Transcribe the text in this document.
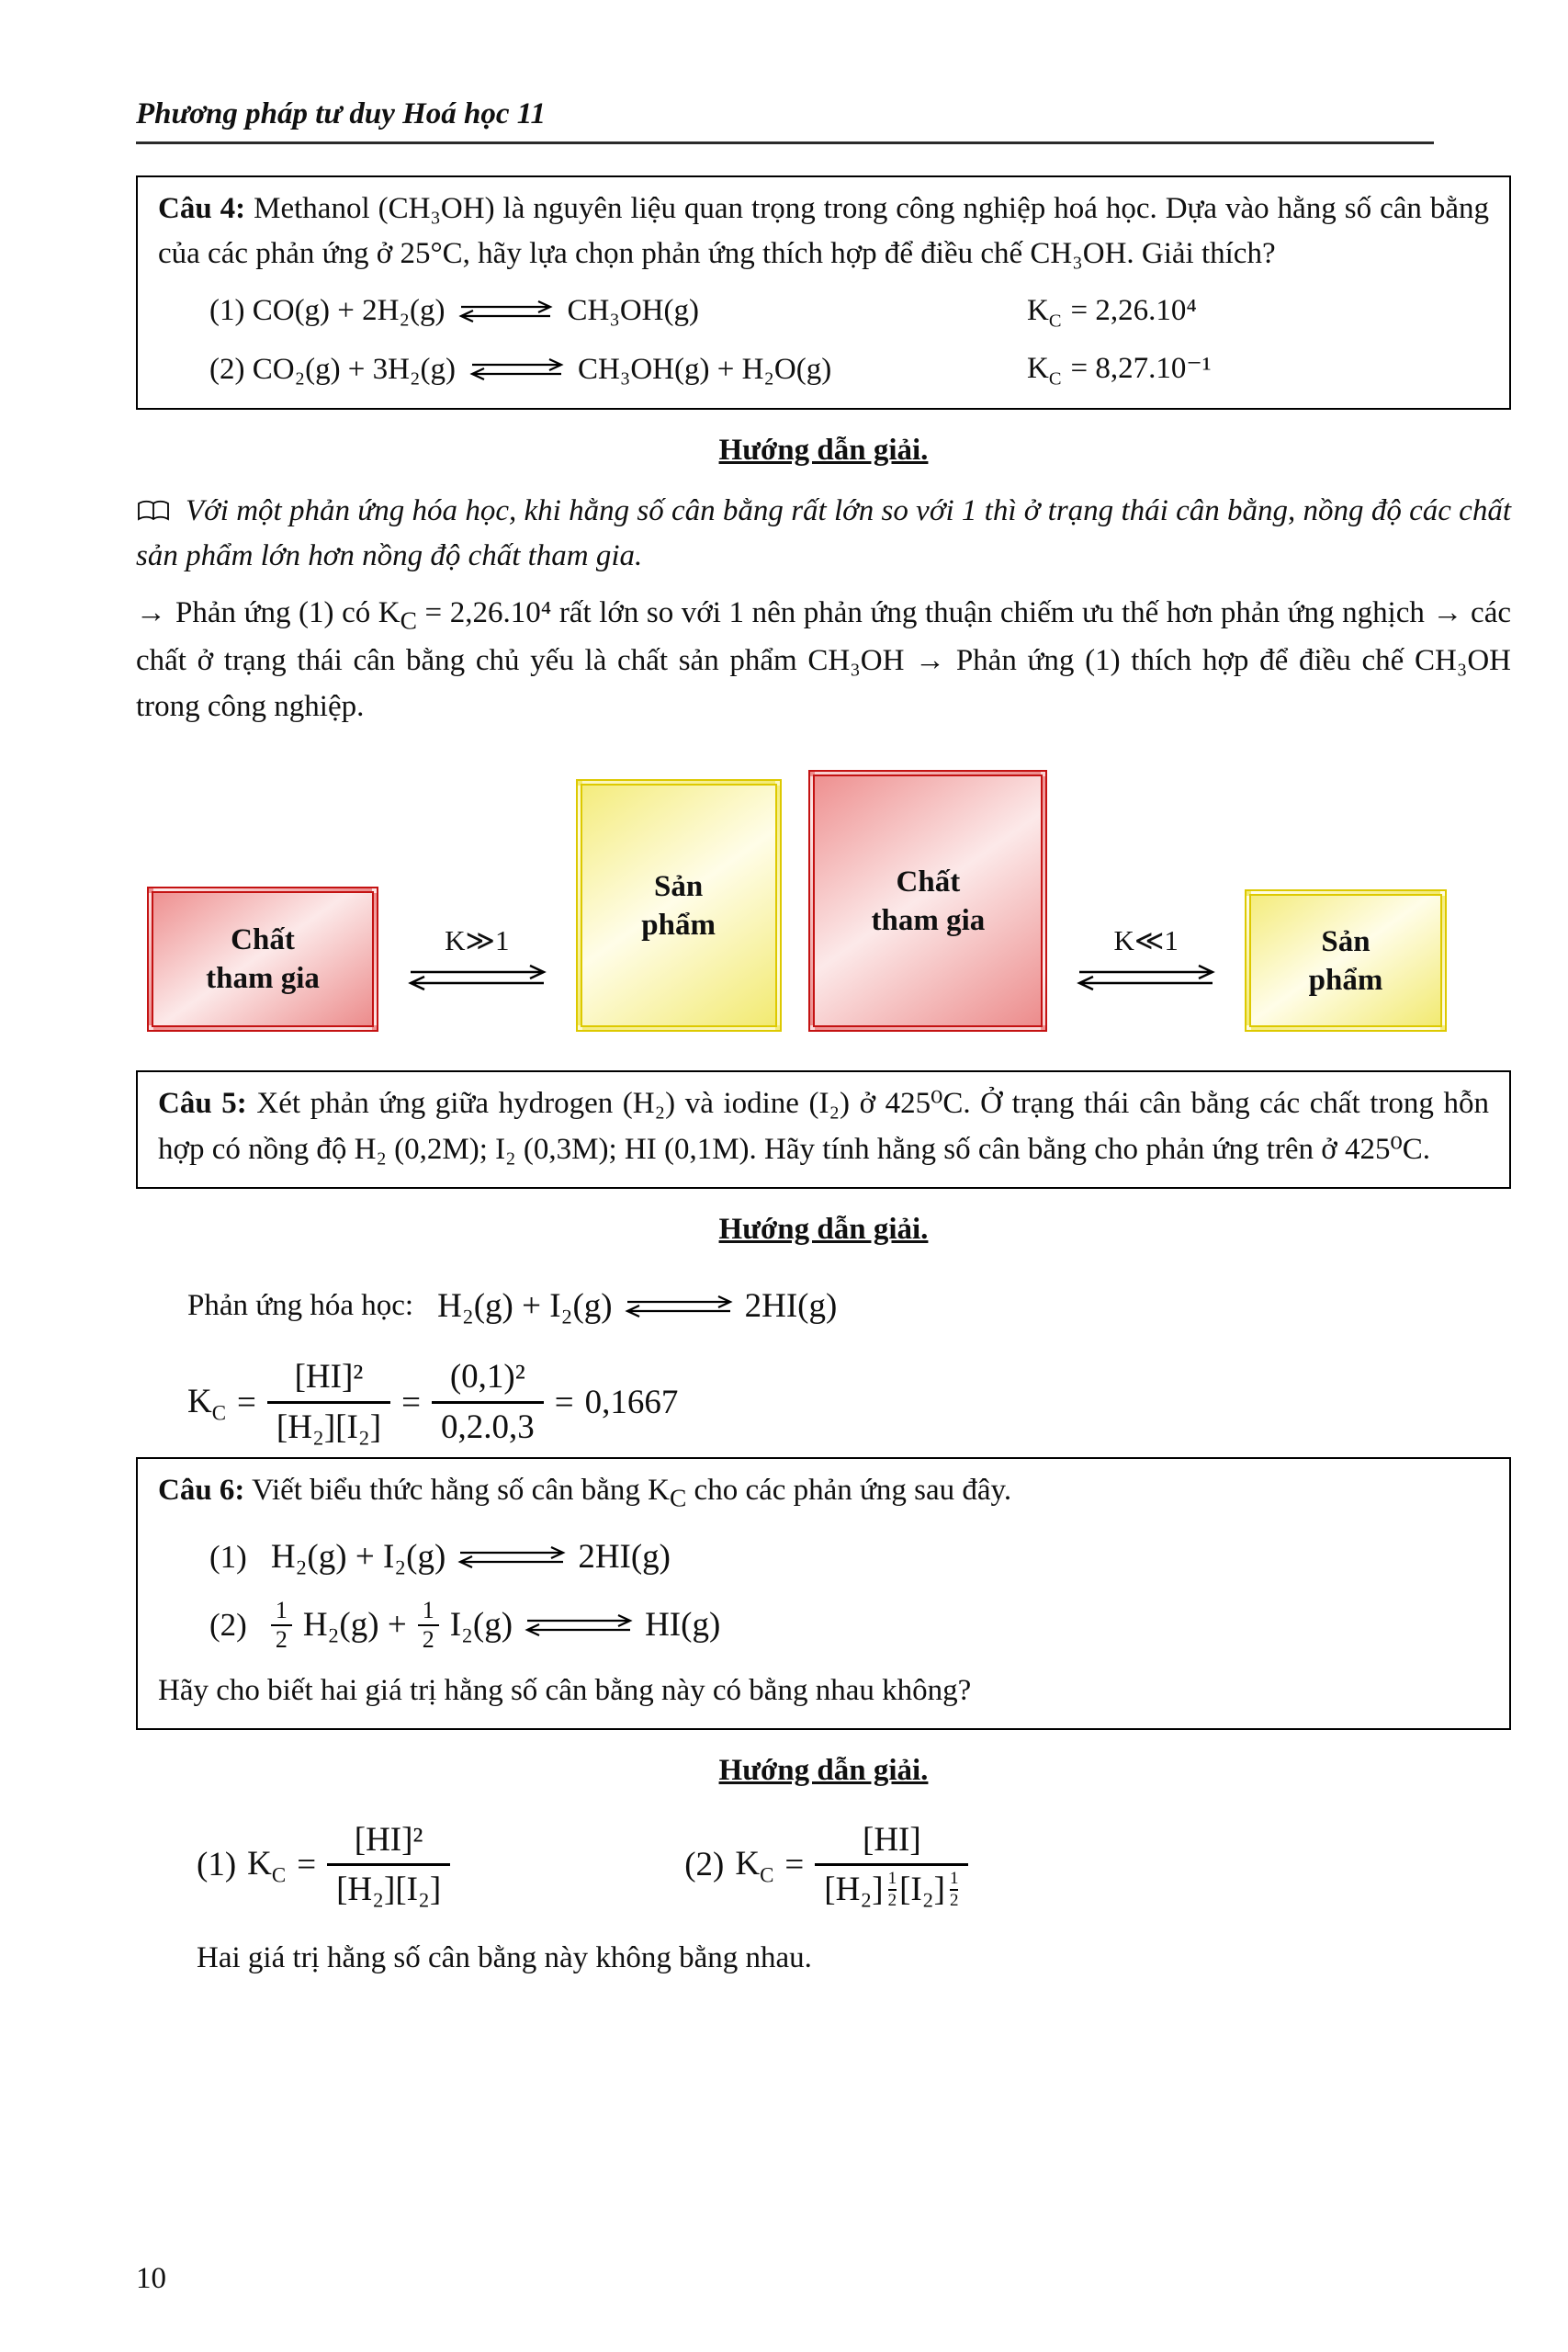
Phương pháp tư duy Hoá học 11

Câu 4: Methanol (CH₃OH) là nguyên liệu quan trọng trong công nghiệp hoá học. Dựa vào hằng số cân bằng của các phản ứng ở 25°C, hãy lựa chọn phản ứng thích hợp để điều chế CH₃OH. Giải thích?

(1) CO(g) + 2H₂(g) ⇌ CH₃OH(g)	$K_C = 2,26.10^4$
(2) CO₂(g) + 3H₂(g) ⇌ CH₃OH(g) + H₂O(g)	$K_C = 8,27.10^{-1}$
Hướng dẫn giải.

Với một phản ứng hóa học, khi hằng số cân bằng rất lớn so với 1 thì ở trạng thái cân bằng, nồng độ các chất sản phẩm lớn hơn nồng độ chất tham gia.

→ Phản ứng (1) có $K_C = 2,26.10^4$ rất lớn so với 1 nên phản ứng thuận chiếm ưu thế hơn phản ứng nghịch → các chất ở trạng thái cân bằng chủ yếu là chất sản phẩm CH₃OH → Phản ứng (1) thích hợp để điều chế CH₃OH trong công nghiệp.

Chất
tham gia
K≫1
Sản
phẩm
Chất
tham gia
K≪1	Sản
phẩm

Câu 5: Xét phản ứng giữa hydrogen (H₂) và iodine (I₂) ở 425⁰C. Ở trạng thái cân bằng các chất trong hỗn hợp có nồng độ H₂ (0,2M); I₂ (0,3M); HI (0,1M). Hãy tính hằng số cân bằng cho phản ứng trên ở 425⁰C.

Hướng dẫn giải.
Phản ứng hóa học: H₂(g) + I₂(g) ⇌ 2HI(g)
$K_C = \frac{\text{[HI]²}}{\text{[H₂][I₂]}} = \frac{\text{(0,1)²}}{0,2.0,3} = 0,1667$

Câu 6: Viết biểu thức hằng số cân bằng $K_C$ cho các phản ứng sau đây.

(1) H₂(g) + I₂(g) ⇌ 2HI(g)
$(2) \frac{1}{2} H_2(g) + \frac{1}{2} I_2(g)$ ⇌ HI(g)

Hãy cho biết hai giá trị hằng số cân bằng này có bằng nhau không?

Hướng dẫn giải.
(1) $K_C = \frac{\text{[HI]²}}{\text{[H₂][I₂]}}$	(2) $K_C = \frac{[HI]}{[H_2] \frac{1}{2} [I_2] \frac{1}{2}}$

Hai giá trị hằng số cân bằng này không bằng nhau.

10
